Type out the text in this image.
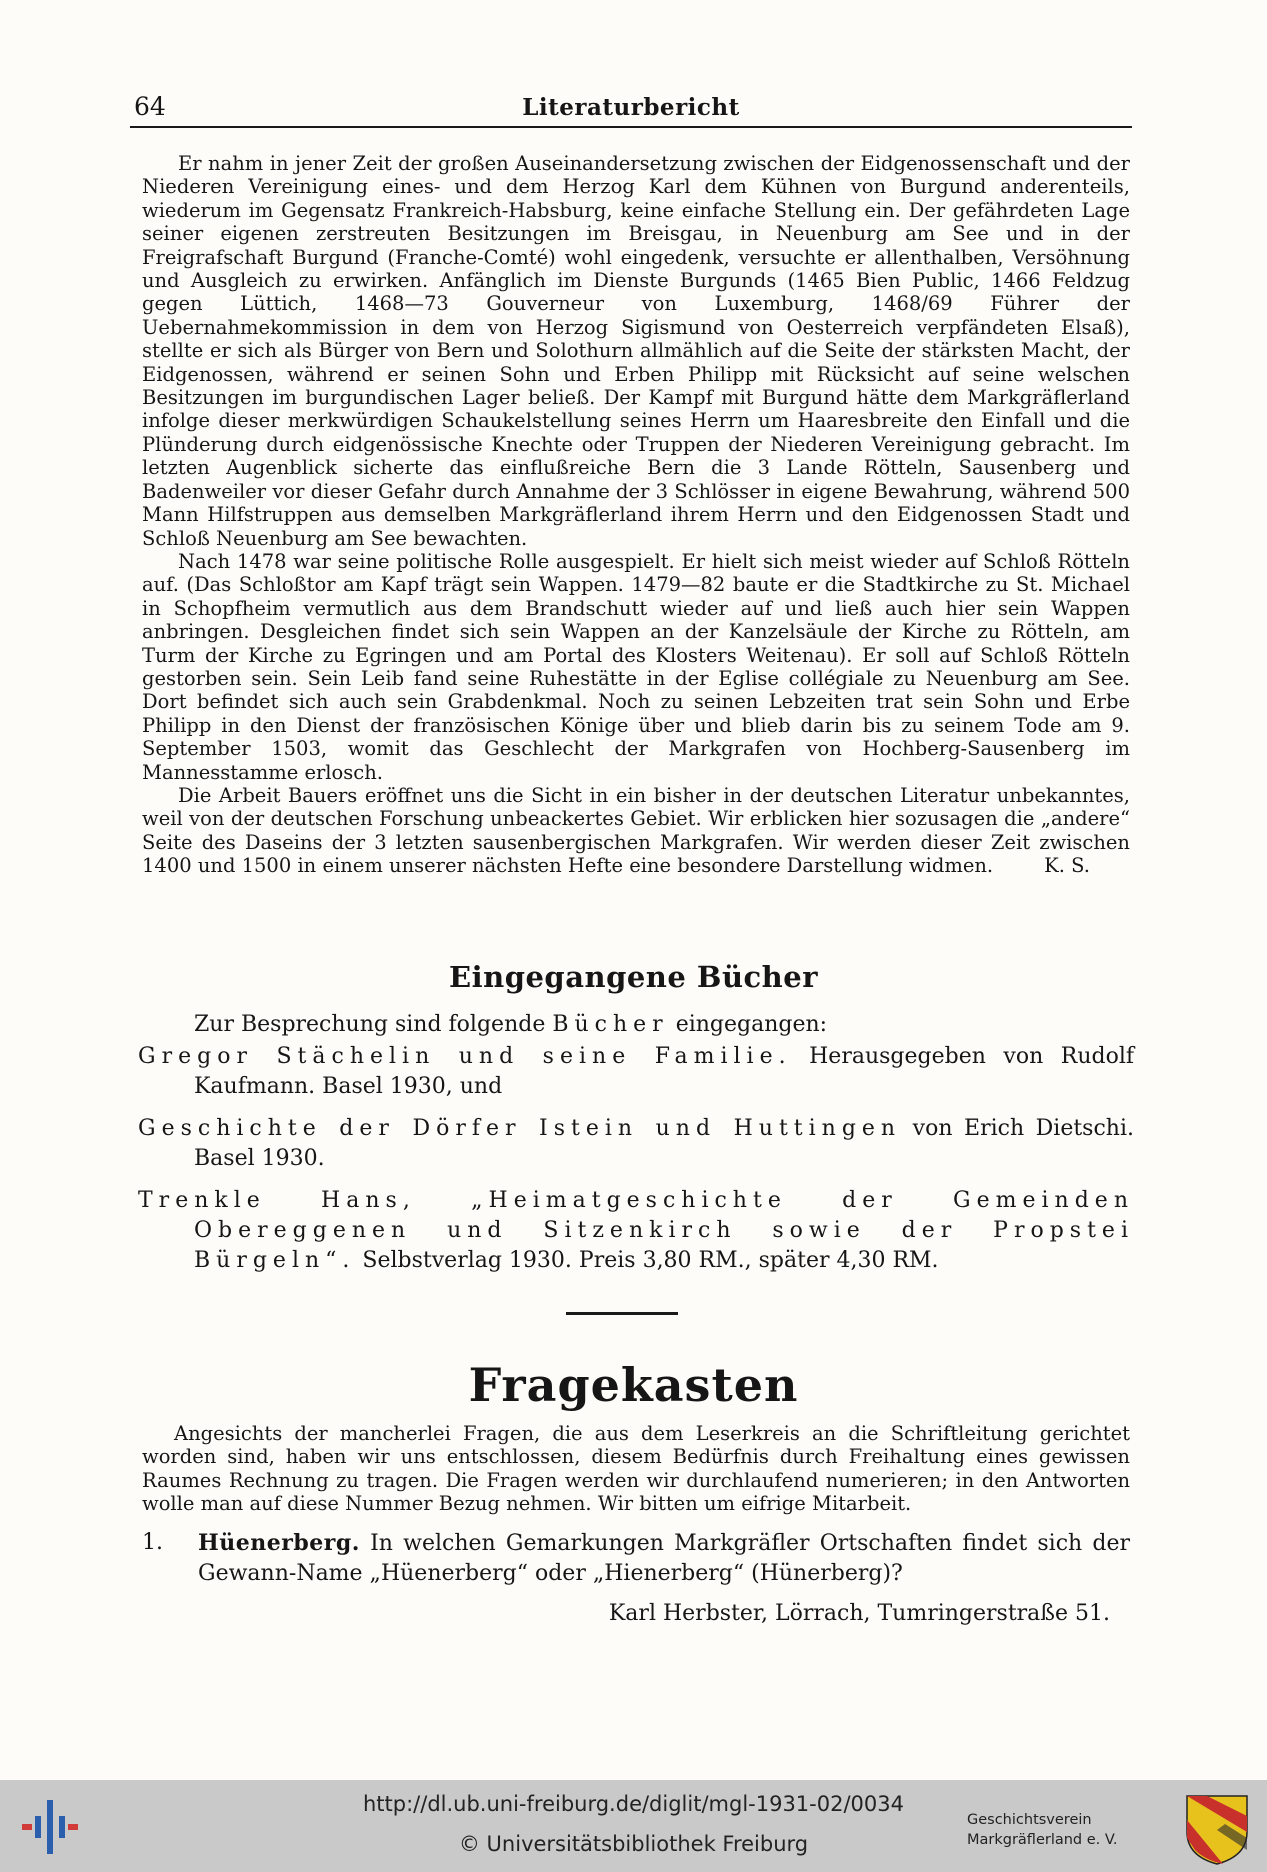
64	Literaturbericht

Er nahm in jener Zeit der großen Auseinandersetzung zwischen der Eidgenossenschaft und der Niederen Vereinigung eines- und dem Herzog Karl dem Kühnen von Burgund anderenteils, wiederum im Gegensatz Frankreich-Habsburg, keine einfache Stellung ein. Der gefährdeten Lage seiner eigenen zerstreuten Besitzungen im Breisgau, in Neuenburg am See und in der Freigrafschaft Burgund (Franche-Comté) wohl eingedenk, versuchte er allenthalben, Versöhnung und Ausgleich zu erwirken. Anfänglich im Dienste Burgunds (1465 Bien Public, 1466 Feldzug gegen Lüttich, 1468—73 Gouverneur von Luxemburg, 1468/69 Führer der Uebernahmekommission in dem von Herzog Sigismund von Oesterreich verpfändeten Elsaß), stellte er sich als Bürger von Bern und Solothurn allmählich auf die Seite der stärksten Macht, der Eidgenossen, während er seinen Sohn und Erben Philipp mit Rücksicht auf seine welschen Besitzungen im burgundischen Lager beließ. Der Kampf mit Burgund hätte dem Markgräflerland infolge dieser merkwürdigen Schaukelstellung seines Herrn um Haaresbreite den Einfall und die Plünderung durch eidgenössische Knechte oder Truppen der Niederen Vereinigung gebracht. Im letzten Augenblick sicherte das einflußreiche Bern die 3 Lande Rötteln, Sausenberg und Badenweiler vor dieser Gefahr durch Annahme der 3 Schlösser in eigene Bewahrung, während 500 Mann Hilfstruppen aus demselben Markgräflerland ihrem Herrn und den Eidgenossen Stadt und Schloß Neuenburg am See bewachten.

Nach 1478 war seine politische Rolle ausgespielt. Er hielt sich meist wieder auf Schloß Rötteln auf. (Das Schloßtor am Kapf trägt sein Wappen. 1479—82 baute er die Stadtkirche zu St. Michael in Schopfheim vermutlich aus dem Brandschutt wieder auf und ließ auch hier sein Wappen anbringen. Desgleichen findet sich sein Wappen an der Kanzelsäule der Kirche zu Rötteln, am Turm der Kirche zu Egringen und am Portal des Klosters Weitenau). Er soll auf Schloß Rötteln gestorben sein. Sein Leib fand seine Ruhestätte in der Eglise collégiale zu Neuenburg am See. Dort befindet sich auch sein Grabdenkmal. Noch zu seinen Lebzeiten trat sein Sohn und Erbe Philipp in den Dienst der französischen Könige über und blieb darin bis zu seinem Tode am 9. September 1503, womit das Geschlecht der Markgrafen von Hochberg-Sausenberg im Mannesstamme erlosch.

Die Arbeit Bauers eröffnet uns die Sicht in ein bisher in der deutschen Literatur unbekanntes, weil von der deutschen Forschung unbeackertes Gebiet. Wir erblicken hier sozusagen die „andere“ Seite des Daseins der 3 letzten sausenbergischen Markgrafen. Wir werden dieser Zeit zwischen 1400 und 1500 in einem unserer nächsten Hefte eine besondere Darstellung widmen.	K. S.

Eingegangene Bücher

Zur Besprechung sind folgende Bücher eingegangen:

Gregor Stächelin und seine Familie. Herausgegeben von Rudolf Kaufmann. Basel 1930, und

Geschichte der Dörfer Istein und Huttingen von Erich Dietschi. Basel 1930.

Trenkle Hans, „Heimatgeschichte der Gemeinden Obereggenen und Sitzenkirch sowie der Propstei Bürgeln“. Selbstverlag 1930. Preis 3,80 RM., später 4,30 RM.

Fragekasten

Angesichts der mancherlei Fragen, die aus dem Leserkreis an die Schriftleitung gerichtet worden sind, haben wir uns entschlossen, diesem Bedürfnis durch Freihaltung eines gewissen Raumes Rechnung zu tragen. Die Fragen werden wir durchlaufend numerieren; in den Antworten wolle man auf diese Nummer Bezug nehmen. Wir bitten um eifrige Mitarbeit.

1. Hüenerberg. In welchen Gemarkungen Markgräfler Ortschaften findet sich der Gewann-Name „Hüenerberg“ oder „Hienerberg“ (Hünerberg)?
Karl Herbster, Lörrach, Tumringerstraße 51.
http://dl.ub.uni-freiburg.de/diglit/mgl-1931-02/0034
© Universitätsbibliothek Freiburg
Geschichtsverein
Markgräflerland e. V.
